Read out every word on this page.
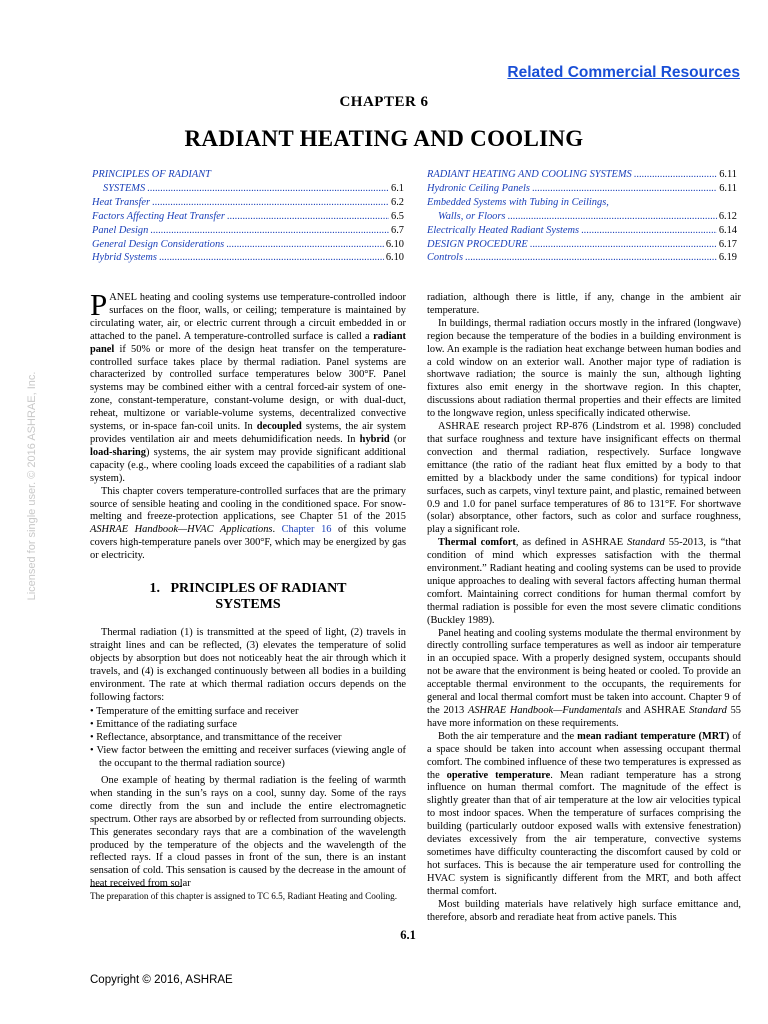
Related Commercial Resources
CHAPTER 6
RADIANT HEATING AND COOLING
PRINCIPLES OF RADIANT
SYSTEMS .....	6.1
Heat Transfer .....	6.2
Factors Affecting Heat Transfer .....	6.5
Panel Design .....	6.7
General Design Considerations .....	6.10
Hybrid Systems .....	6.10
RADIANT HEATING AND COOLING SYSTEMS .....	6.11
Hydronic Ceiling Panels .....	6.11
Embedded Systems with Tubing in Ceilings,
Walls, or Floors .....	6.12
Electrically Heated Radiant Systems .....	6.14
DESIGN PROCEDURE .....	6.17
Controls .....	6.19
Licensed for single user. © 2016 ASHRAE, Inc.

PANEL heating and cooling systems use temperature-controlled indoor surfaces on the floor, walls, or ceiling; temperature is maintained by circulating water, air, or electric current through a circuit embedded in or attached to the panel. A temperature-controlled surface is called a radiant panel if 50% or more of the design heat transfer on the temperature-controlled surface takes place by thermal radiation. Panel systems are characterized by controlled surface temperatures below 300°F. Panel systems may be combined either with a central forced-air system of one-zone, constant-temperature, constant-volume design, or with dual-duct, reheat, multizone or variable-volume systems, decentralized convective systems, or in-space fan-coil units. In decoupled systems, the air system provides ventilation air and meets dehumidification needs. In hybrid (or load-sharing) systems, the air system may provide significant additional capacity (e.g., where cooling loads exceed the capabilities of a radiant slab system).

This chapter covers temperature-controlled surfaces that are the primary source of sensible heating and cooling in the conditioned space. For snow-melting and freeze-protection applications, see Chapter 51 of the 2015 ASHRAE Handbook—HVAC Applications. Chapter 16 of this volume covers high-temperature panels over 300°F, which may be energized by gas or electricity.

1. PRINCIPLES OF RADIANT
SYSTEMS

Thermal radiation (1) is transmitted at the speed of light, (2) travels in straight lines and can be reflected, (3) elevates the temperature of solid objects by absorption but does not noticeably heat the air through which it travels, and (4) is exchanged continuously between all bodies in a building environment. The rate at which thermal radiation occurs depends on the following factors:

• Temperature of the emitting surface and receiver
• Emittance of the radiating surface
• Reflectance, absorptance, and transmittance of the receiver
• View factor between the emitting and receiver surfaces (viewing angle of the occupant to the thermal radiation source)

One example of heating by thermal radiation is the feeling of warmth when standing in the sun’s rays on a cool, sunny day. Some of the rays come directly from the sun and include the entire electromagnetic spectrum. Other rays are absorbed by or reflected from surrounding objects. This generates secondary rays that are a combination of the wavelength produced by the temperature of the objects and the wavelength of the reflected rays. If a cloud passes in front of the sun, there is an instant sensation of cold. This sensation is caused by the decrease in the amount of heat received from solar

radiation, although there is little, if any, change in the ambient air temperature.

In buildings, thermal radiation occurs mostly in the infrared (longwave) region because the temperature of the bodies in a building environment is low. An example is the radiation heat exchange between human bodies and a cold window on an exterior wall. Another major type of radiation is shortwave radiation; the source is mainly the sun, although lighting fixtures also emit energy in the shortwave region. In this chapter, discussions about radiation thermal properties and their effects are limited to the longwave region, unless specifically indicated otherwise.

ASHRAE research project RP-876 (Lindstrom et al. 1998) concluded that surface roughness and texture have insignificant effects on thermal convection and thermal radiation, respectively. Surface longwave emittance (the ratio of the radiant heat flux emitted by a body to that emitted by a blackbody under the same conditions) for typical indoor surfaces, such as carpets, vinyl texture paint, and plastic, remained between 0.9 and 1.0 for panel surface temperatures of 86 to 131°F. For shortwave (solar) absorptance, other factors, such as color and surface roughness, play a significant role.

Thermal comfort, as defined in ASHRAE Standard 55-2013, is “that condition of mind which expresses satisfaction with the thermal environment.” Radiant heating and cooling systems can be used to provide unique approaches to dealing with several factors affecting human thermal comfort. Maintaining correct conditions for human thermal comfort by thermal radiation is possible for even the most severe climatic conditions (Buckley 1989).

Panel heating and cooling systems modulate the thermal environment by directly controlling surface temperatures as well as indoor air temperature in an occupied space. With a properly designed system, occupants should not be aware that the environment is being heated or cooled. To provide an acceptable thermal environment to the occupants, the requirements for general and local thermal comfort must be taken into account. Chapter 9 of the 2013 ASHRAE Handbook—Fundamentals and ASHRAE Standard 55 have more information on these requirements.

Both the air temperature and the mean radiant temperature (MRT) of a space should be taken into account when assessing occupant thermal comfort. The combined influence of these two temperatures is expressed as the operative temperature. Mean radiant temperature has a strong influence on human thermal comfort. The magnitude of the effect is slightly greater than that of air temperature at the low air velocities typical to most indoor spaces. When the temperature of surfaces comprising the building (particularly outdoor exposed walls with extensive fenestration) deviates excessively from the air temperature, convective systems sometimes have difficulty counteracting the discomfort caused by cold or hot surfaces. This is because the air temperature used for controlling the HVAC system is significantly different from the MRT, and both affect thermal comfort.

Most building materials have relatively high surface emittance and, therefore, absorb and reradiate heat from active panels. This

The preparation of this chapter is assigned to TC 6.5, Radiant Heating and Cooling.
6.1
Copyright © 2016, ASHRAE
